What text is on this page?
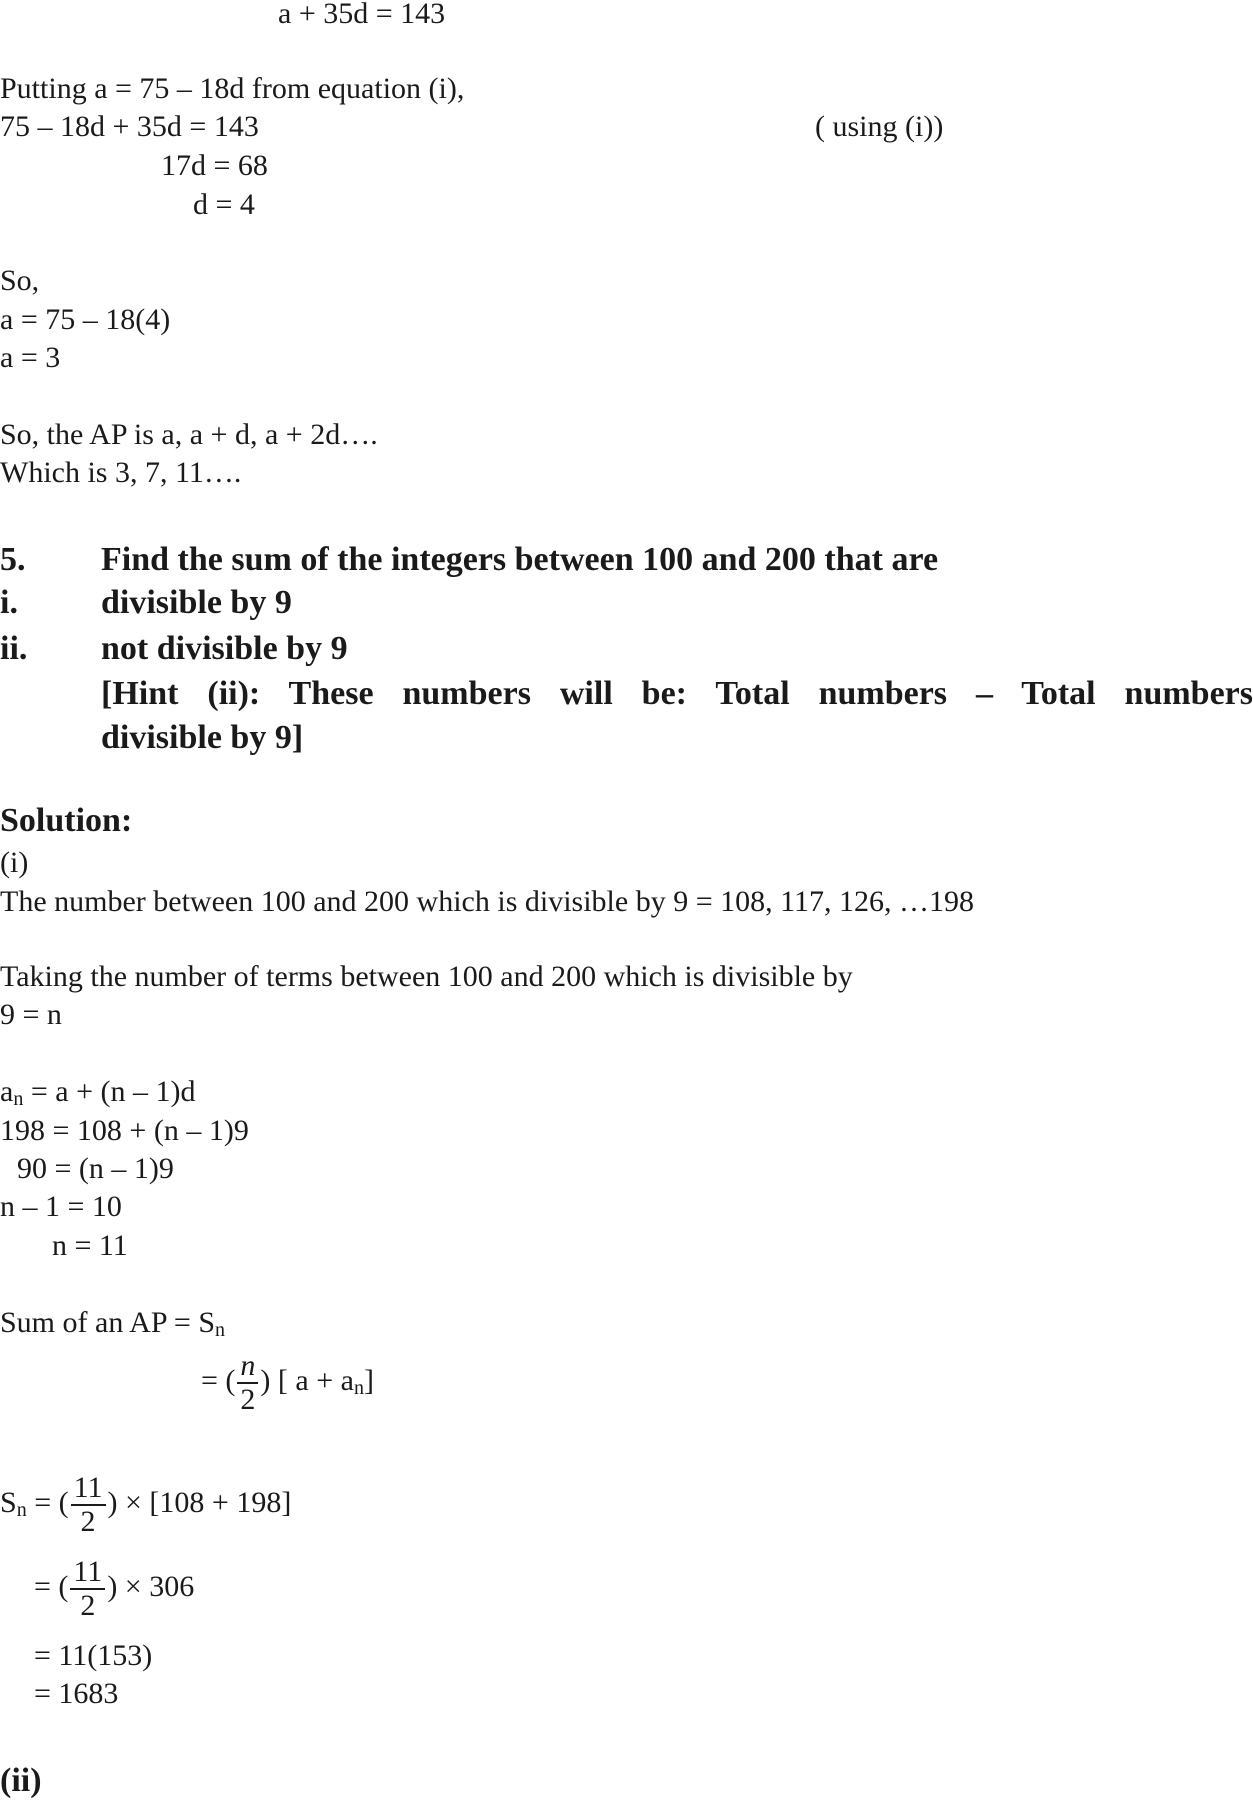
a + 35d = 143
Putting a = 75 – 18d from equation (i),
75 – 18d + 35d = 143	( using (i))
17d = 68
d = 4
So,
a = 75 – 18(4)
a = 3
So, the AP is a, a + d, a + 2d….
Which is 3, 7, 11….
5. Find the sum of the integers between 100 and 200 that are
i. divisible by 9
ii. not divisible by 9
[Hint (ii): These numbers will be: Total numbers – Total numbers
divisible by 9]
Solution:
(i)
The number between 100 and 200 which is divisible by 9 = 108, 117, 126, …198
Taking the number of terms between 100 and 200 which is divisible by
9 = n
$a_n = a + (n - 1)d$
198 = 108 + (n – 1)9
90 = (n – 1)9
n – 1 = 10
n = 11
Sum of an AP = $S_n$
= ( $\frac{n}{2}$ ) [ $a + a_n$]
$S_n$ = ( $\frac{11}{2}$ ) × [108 + 198]
= ( $\frac{11}{2}$ ) × 306
= 11(153)
= 1683
(ii)
